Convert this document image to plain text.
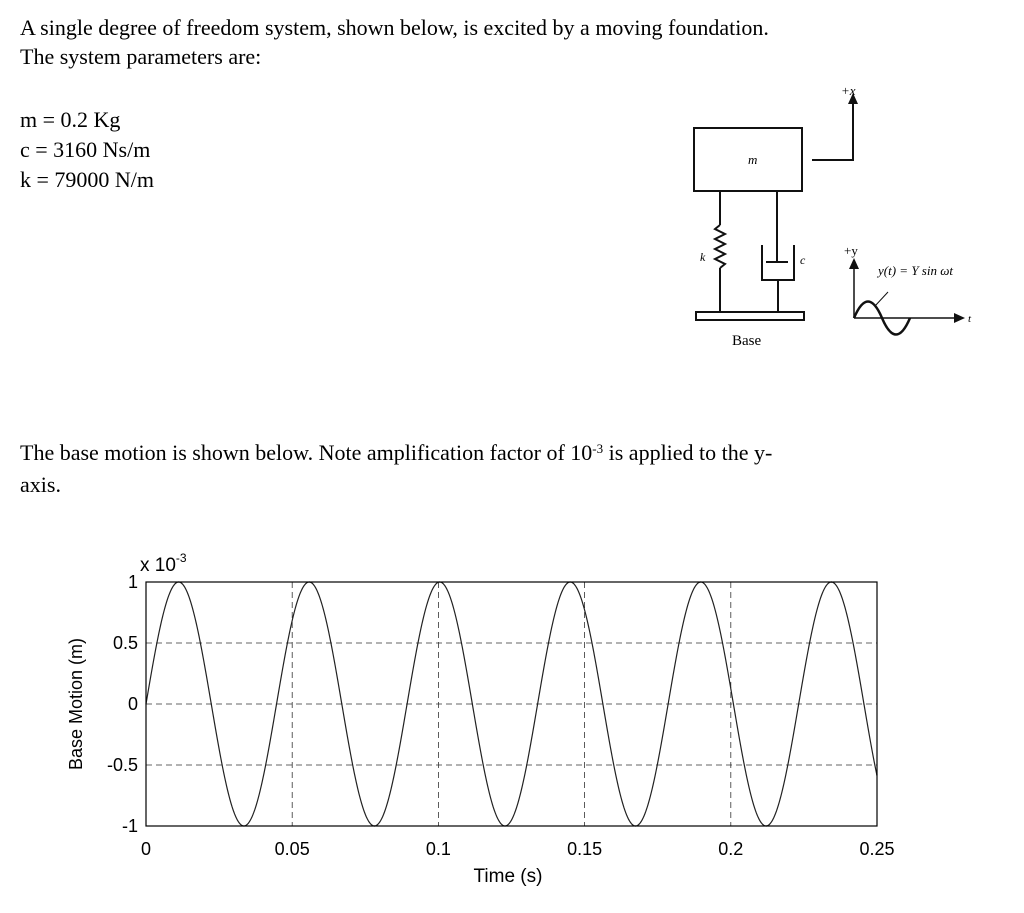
A single degree of freedom system, shown below, is excited by a moving foundation.
The system parameters are:
m = 0.2 Kg
c = 3160 Ns/m
k = 79000 N/m
m
k	c
Base
+x
+y
t
y(t) = Y sin ωt
The base motion is shown below. Note amplification factor of $10^{-3}$ is applied to the y-
axis.
0	0.05	0.1	0.15	0.2	0.25
1
0.5
0
-0.5
-1
x $10^{-3}$
Time (s)
Base Motion (m)
